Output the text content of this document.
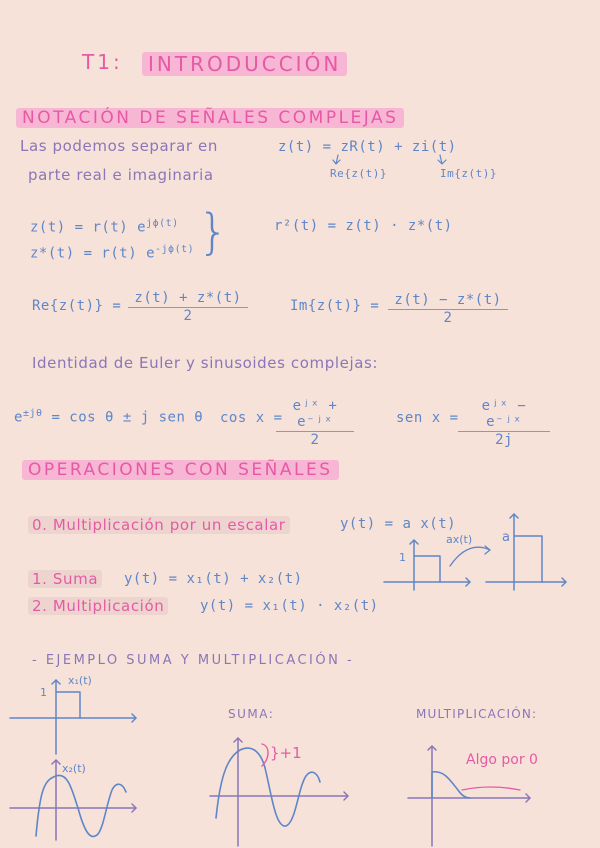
T1:	INTRODUCCIÓN
NOTACIÓN DE SEÑALES COMPLEJAS
Las podemos separar en
parte real e imaginaria
z(t) = zR(t) + zi(t)
Re{z(t)}	Im{z(t)}
z(t) = r(t) $e^{j\phi(t)}$
z*(t) = r(t) $e^{-j\phi(t)}$ }	r²(t) = z(t) · z*(t)
$Re\{z(t)\} = \frac{z(t) + z*(t)}{2}$	$Im\{z(t)\} = \frac{z(t) - z*(t)}{2}$
Identidad de Euler y sinusoides complejas:
$e^{\pm j\theta} = \cos \theta \pm j$ sen θ cos x =
eʲˣ + e⁻ʲˣ
2
sen x =
eʲˣ − e⁻ʲˣ
2j
OPERACIONES CON SEÑALES
0. Multiplicación por un escalar	y(t) = a x(t)
1. Suma y(t) = x₁(t) + x₂(t)
2. Multiplicación	y(t) = x₁(t) · x₂(t)
1
ax(t) a
- EJEMPLO SUMA Y MULTIPLICACIÓN -
x₁(t)
1
x₂(t)
SUMA:
}+1
MULTIPLICACIÓN:
Algo por 0
